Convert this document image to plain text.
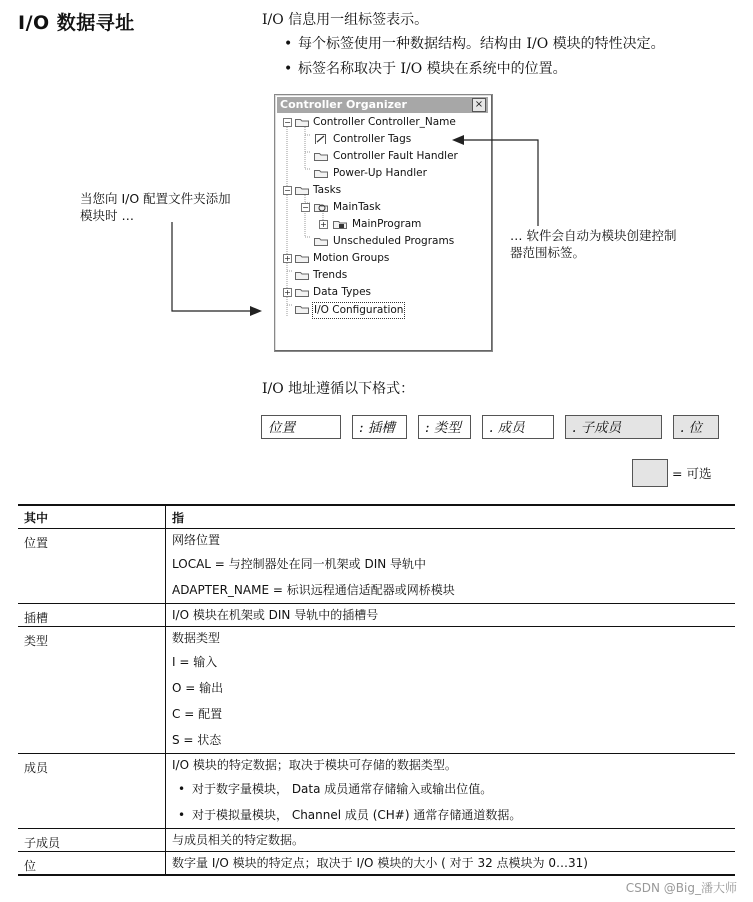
I/O 数据寻址	I/O 信息用一组标签表示。
• 每个标签使用一种数据结构。结构由 I/O 模块的特性决定。
• 标签名称取决于 I/O 模块在系统中的位置。
Controller Organizer	×
− Controller Controller_Name
Controller Tags
Controller Fault Handler
Power-Up Handler
− Tasks
− MainTask
+ MainProgram
Unscheduled Programs
+ Motion Groups
Trends
+ Data Types
I/O Configuration
当您向 I/O 配置文件夹添加
模块时 …
… 软件会自动为模块创建控制
器范围标签。
I/O 地址遵循以下格式：
位置	: 插槽	: 类型	. 成员	. 子成员	. 位
= 可选
其中	指
位置	网络位置
LOCAL = 与控制器处在同一机架或 DIN 导轨中
ADAPTER_NAME = 标识远程通信适配器或网桥模块

插槽	I/O 模块在机架或 DIN 导轨中的插槽号

类型	数据类型
I = 输入
O = 输出
C = 配置
S = 状态

成员	I/O 模块的特定数据；取决于模块可存储的数据类型。
• 对于数字量模块， Data 成员通常存储输入或输出位值。
• 对于模拟量模块， Channel 成员 (CH#) 通常存储通道数据。

子成员	与成员相关的特定数据。

位	数字量 I/O 模块的特定点；取决于 I/O 模块的大小 ( 对于 32 点模块为 0…31)
CSDN @Big_潘大师
